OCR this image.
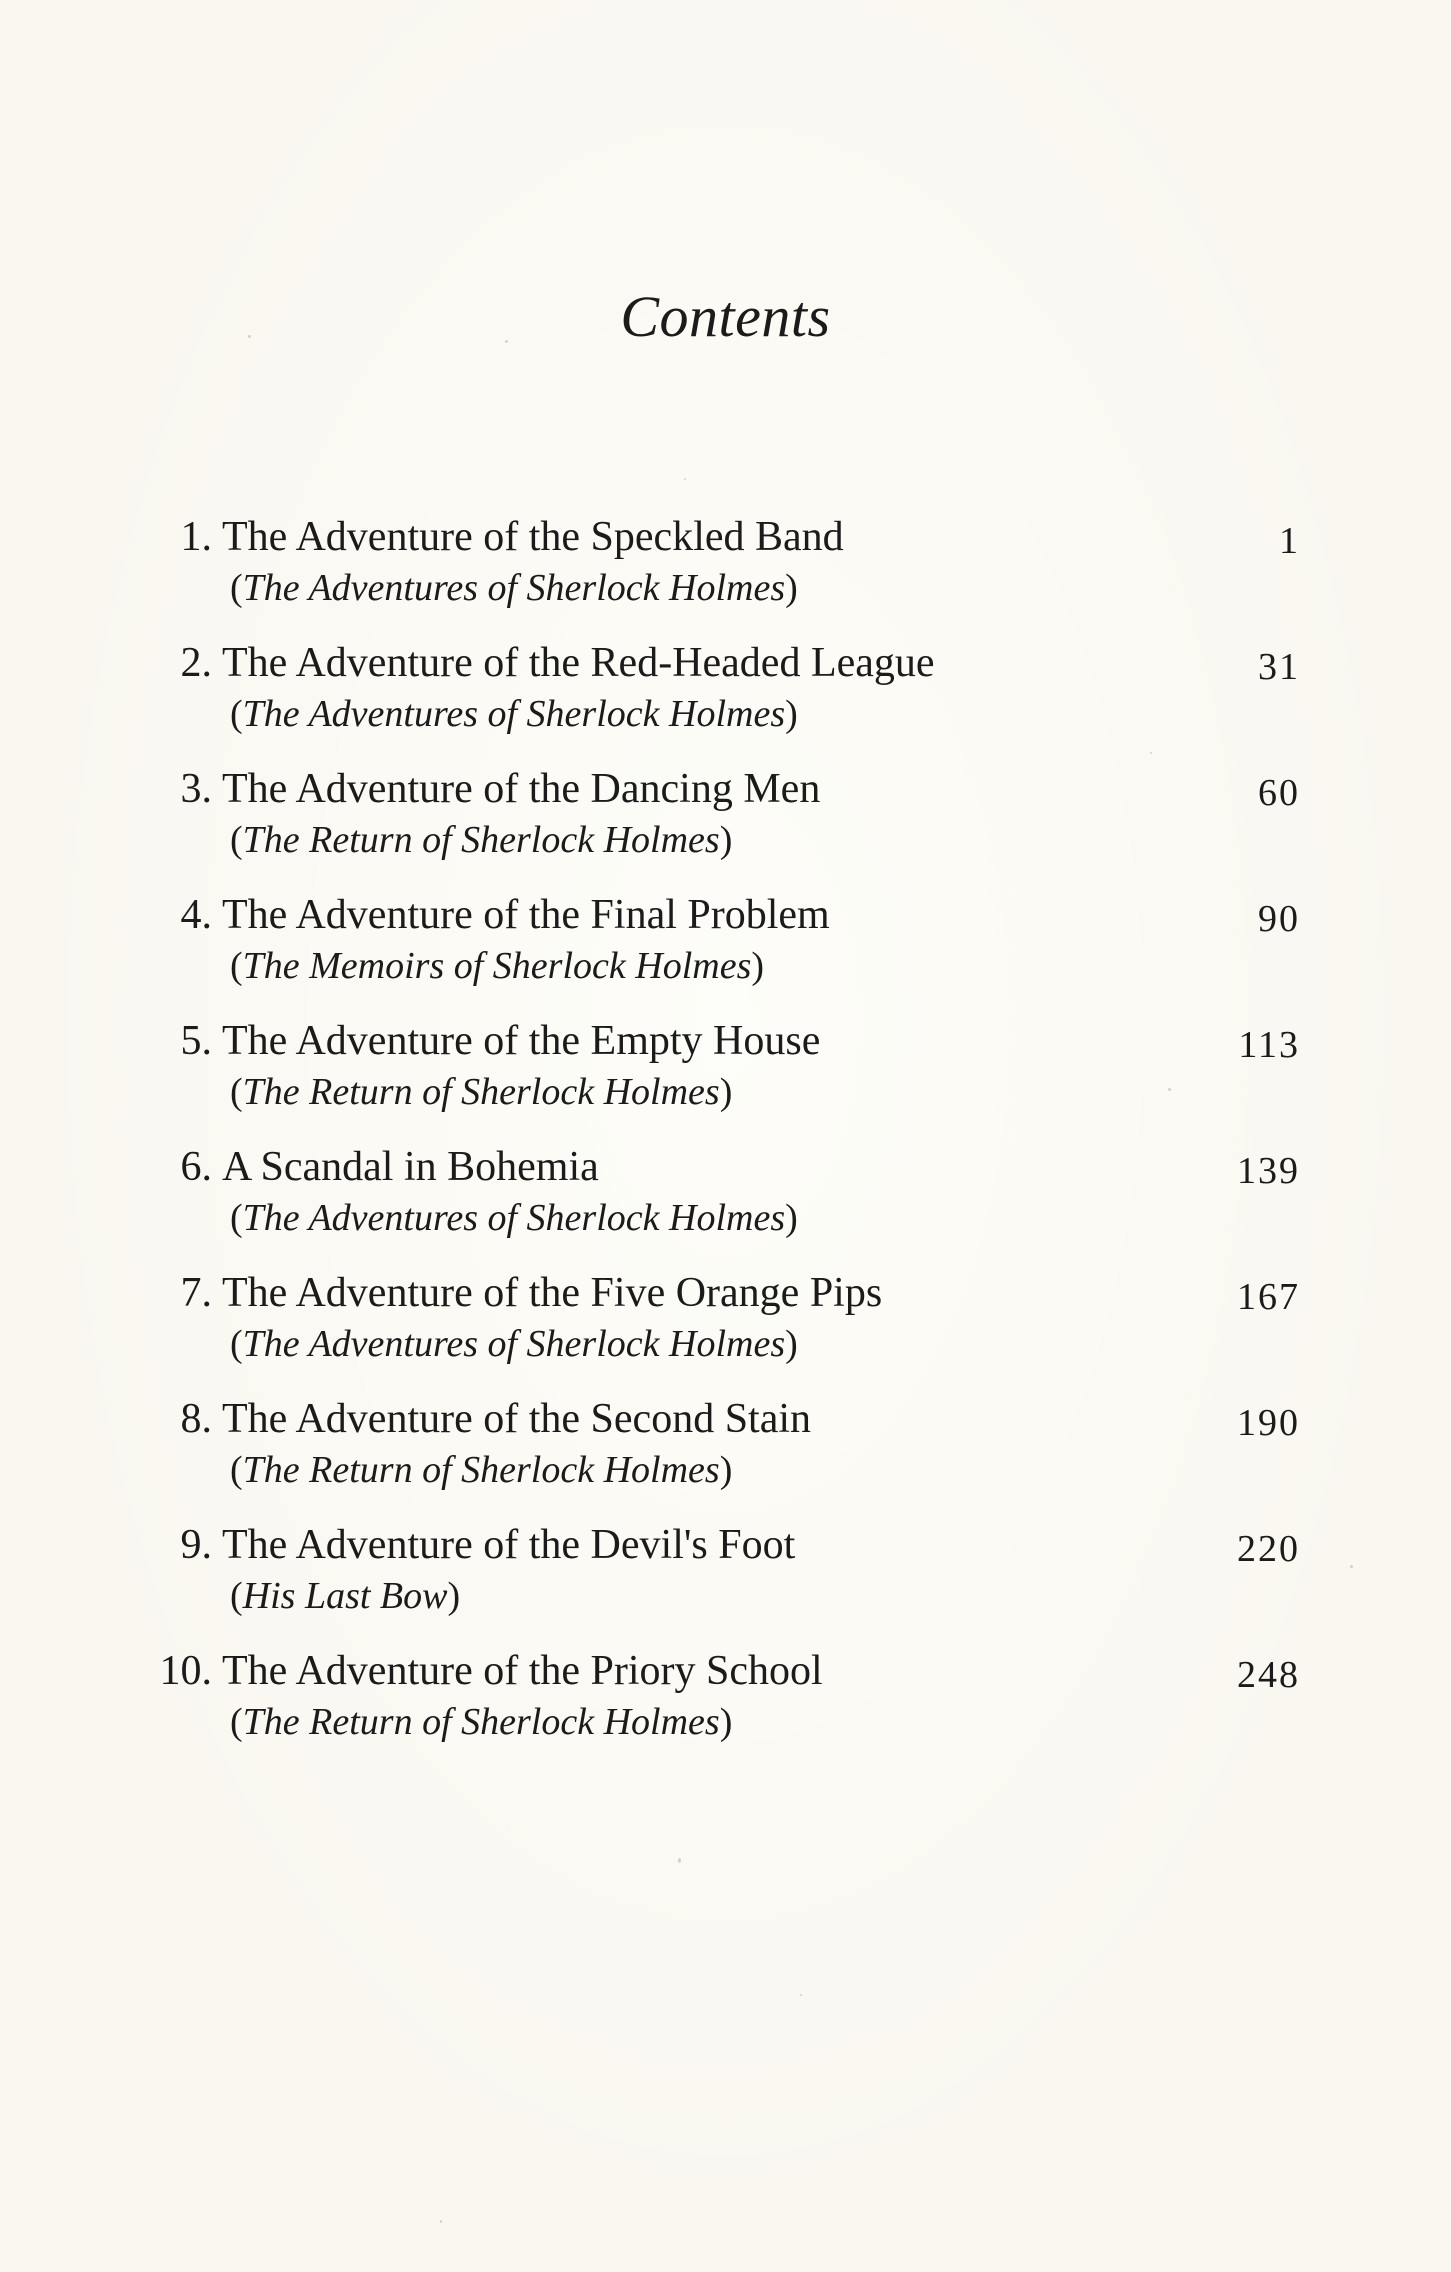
Contents
1. The Adventure of the Speckled Band
(The Adventures of Sherlock Holmes)
1
2. The Adventure of the Red-Headed League
(The Adventures of Sherlock Holmes)
31
3. The Adventure of the Dancing Men
(The Return of Sherlock Holmes)
60
4. The Adventure of the Final Problem
(The Memoirs of Sherlock Holmes)
90
5. The Adventure of the Empty House
(The Return of Sherlock Holmes)
113
6. A Scandal in Bohemia
(The Adventures of Sherlock Holmes)
139
7. The Adventure of the Five Orange Pips
(The Adventures of Sherlock Holmes)
167
8. The Adventure of the Second Stain
(The Return of Sherlock Holmes)
190
9. The Adventure of the Devil's Foot
(His Last Bow)
220
10. The Adventure of the Priory School
(The Return of Sherlock Holmes)
248
